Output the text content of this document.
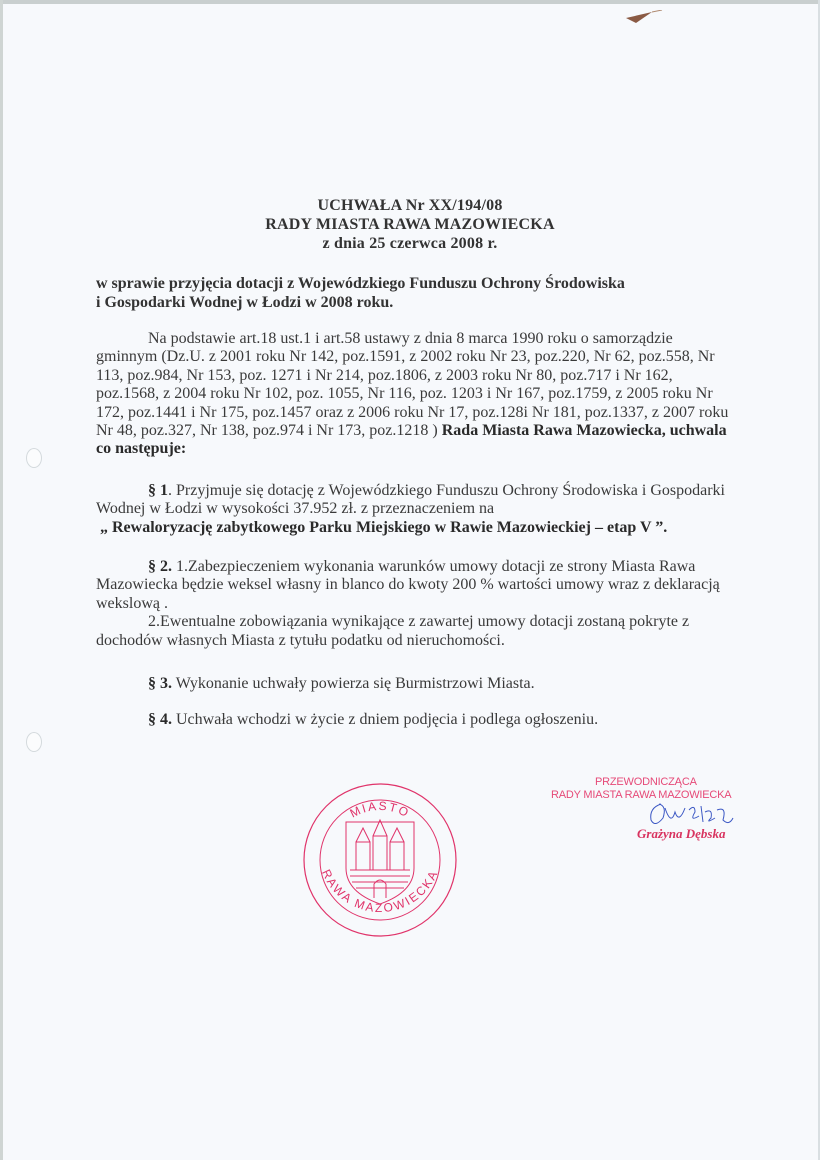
UCHWAŁA Nr XX/194/08
RADY MIASTA RAWA MAZOWIECKA
z dnia 25 czerwca 2008 r.
w sprawie przyjęcia dotacji z Wojewódzkiego Funduszu Ochrony Środowiska
i Gospodarki Wodnej w Łodzi w 2008 roku.
Na podstawie art.18 ust.1 i art.58 ustawy z dnia 8 marca 1990 roku o samorządzie gminnym (Dz.U. z 2001 roku Nr 142, poz.1591, z 2002 roku Nr 23, poz.220, Nr 62, poz.558, Nr 113, poz.984, Nr 153, poz. 1271 i Nr 214, poz.1806, z 2003 roku Nr 80, poz.717 i Nr 162, poz.1568, z 2004 roku Nr 102, poz. 1055, Nr 116, poz. 1203 i Nr 167, poz.1759, z 2005 roku Nr 172, poz.1441 i Nr 175, poz.1457 oraz z 2006 roku Nr 17, poz.128i Nr 181, poz.1337, z 2007 roku Nr 48, poz.327, Nr 138, poz.974 i Nr 173, poz.1218 ) Rada Miasta Rawa Mazowiecka, uchwala co następuje:
§ 1. Przyjmuje się dotację z Wojewódzkiego Funduszu Ochrony Środowiska i Gospodarki Wodnej w Łodzi w wysokości 37.952 zł. z przeznaczeniem na
„ Rewaloryzację zabytkowego Parku Miejskiego w Rawie Mazowieckiej – etap V ”.
§ 2. 1.Zabezpieczeniem wykonania warunków umowy dotacji ze strony Miasta Rawa Mazowiecka będzie weksel własny in blanco do kwoty 200 % wartości umowy wraz z deklaracją wekslową .
2.Ewentualne zobowiązania wynikające z zawartej umowy dotacji zostaną pokryte z dochodów własnych Miasta z tytułu podatku od nieruchomości.
§ 3. Wykonanie uchwały powierza się Burmistrzowi Miasta.
§ 4. Uchwała wchodzi w życie z dniem podjęcia i podlega ogłoszeniu.
MIASTO
RAWA MAZOWIECKA
PRZEWODNICZĄCA
RADY MIASTA RAWA MAZOWIECKA
Grażyna Dębska
